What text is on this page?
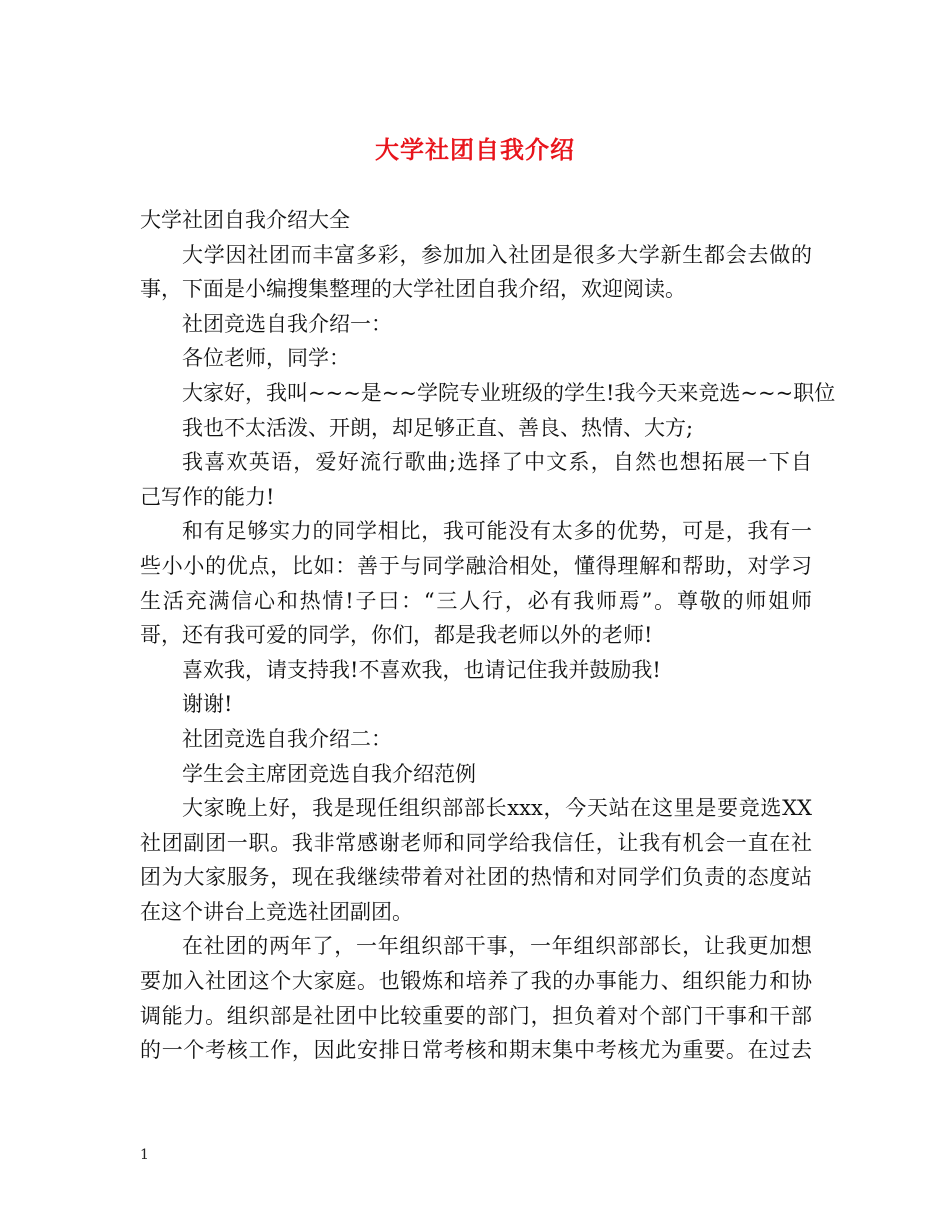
大学社团自我介绍
大学社团自我介绍大全
大学因社团而丰富多彩，参加加入社团是很多大学新生都会去做的
事，下面是小编搜集整理的大学社团自我介绍，欢迎阅读。
社团竞选自我介绍一：
各位老师，同学：
大家好，我叫~~~是~~学院专业班级的学生!我今天来竞选~~~职位
我也不太活泼、开朗，却足够正直、善良、热情、大方;
我喜欢英语，爱好流行歌曲;选择了中文系，自然也想拓展一下自
己写作的能力!
和有足够实力的同学相比，我可能没有太多的优势，可是，我有一
些小小的优点，比如：善于与同学融洽相处，懂得理解和帮助，对学习
生活充满信心和热情!子曰：“三人行，必有我师焉”。尊敬的师姐师
哥，还有我可爱的同学，你们，都是我老师以外的老师!
喜欢我，请支持我!不喜欢我，也请记住我并鼓励我!
谢谢!
社团竞选自我介绍二：
学生会主席团竞选自我介绍范例
大家晚上好，我是现任组织部部长xxx，今天站在这里是要竞选XX
社团副团一职。我非常感谢老师和同学给我信任，让我有机会一直在社
团为大家服务，现在我继续带着对社团的热情和对同学们负责的态度站
在这个讲台上竞选社团副团。
在社团的两年了，一年组织部干事，一年组织部部长，让我更加想
要加入社团这个大家庭。也锻炼和培养了我的办事能力、组织能力和协
调能力。组织部是社团中比较重要的部门，担负着对个部门干事和干部
的一个考核工作，因此安排日常考核和期末集中考核尤为重要。在过去
1
